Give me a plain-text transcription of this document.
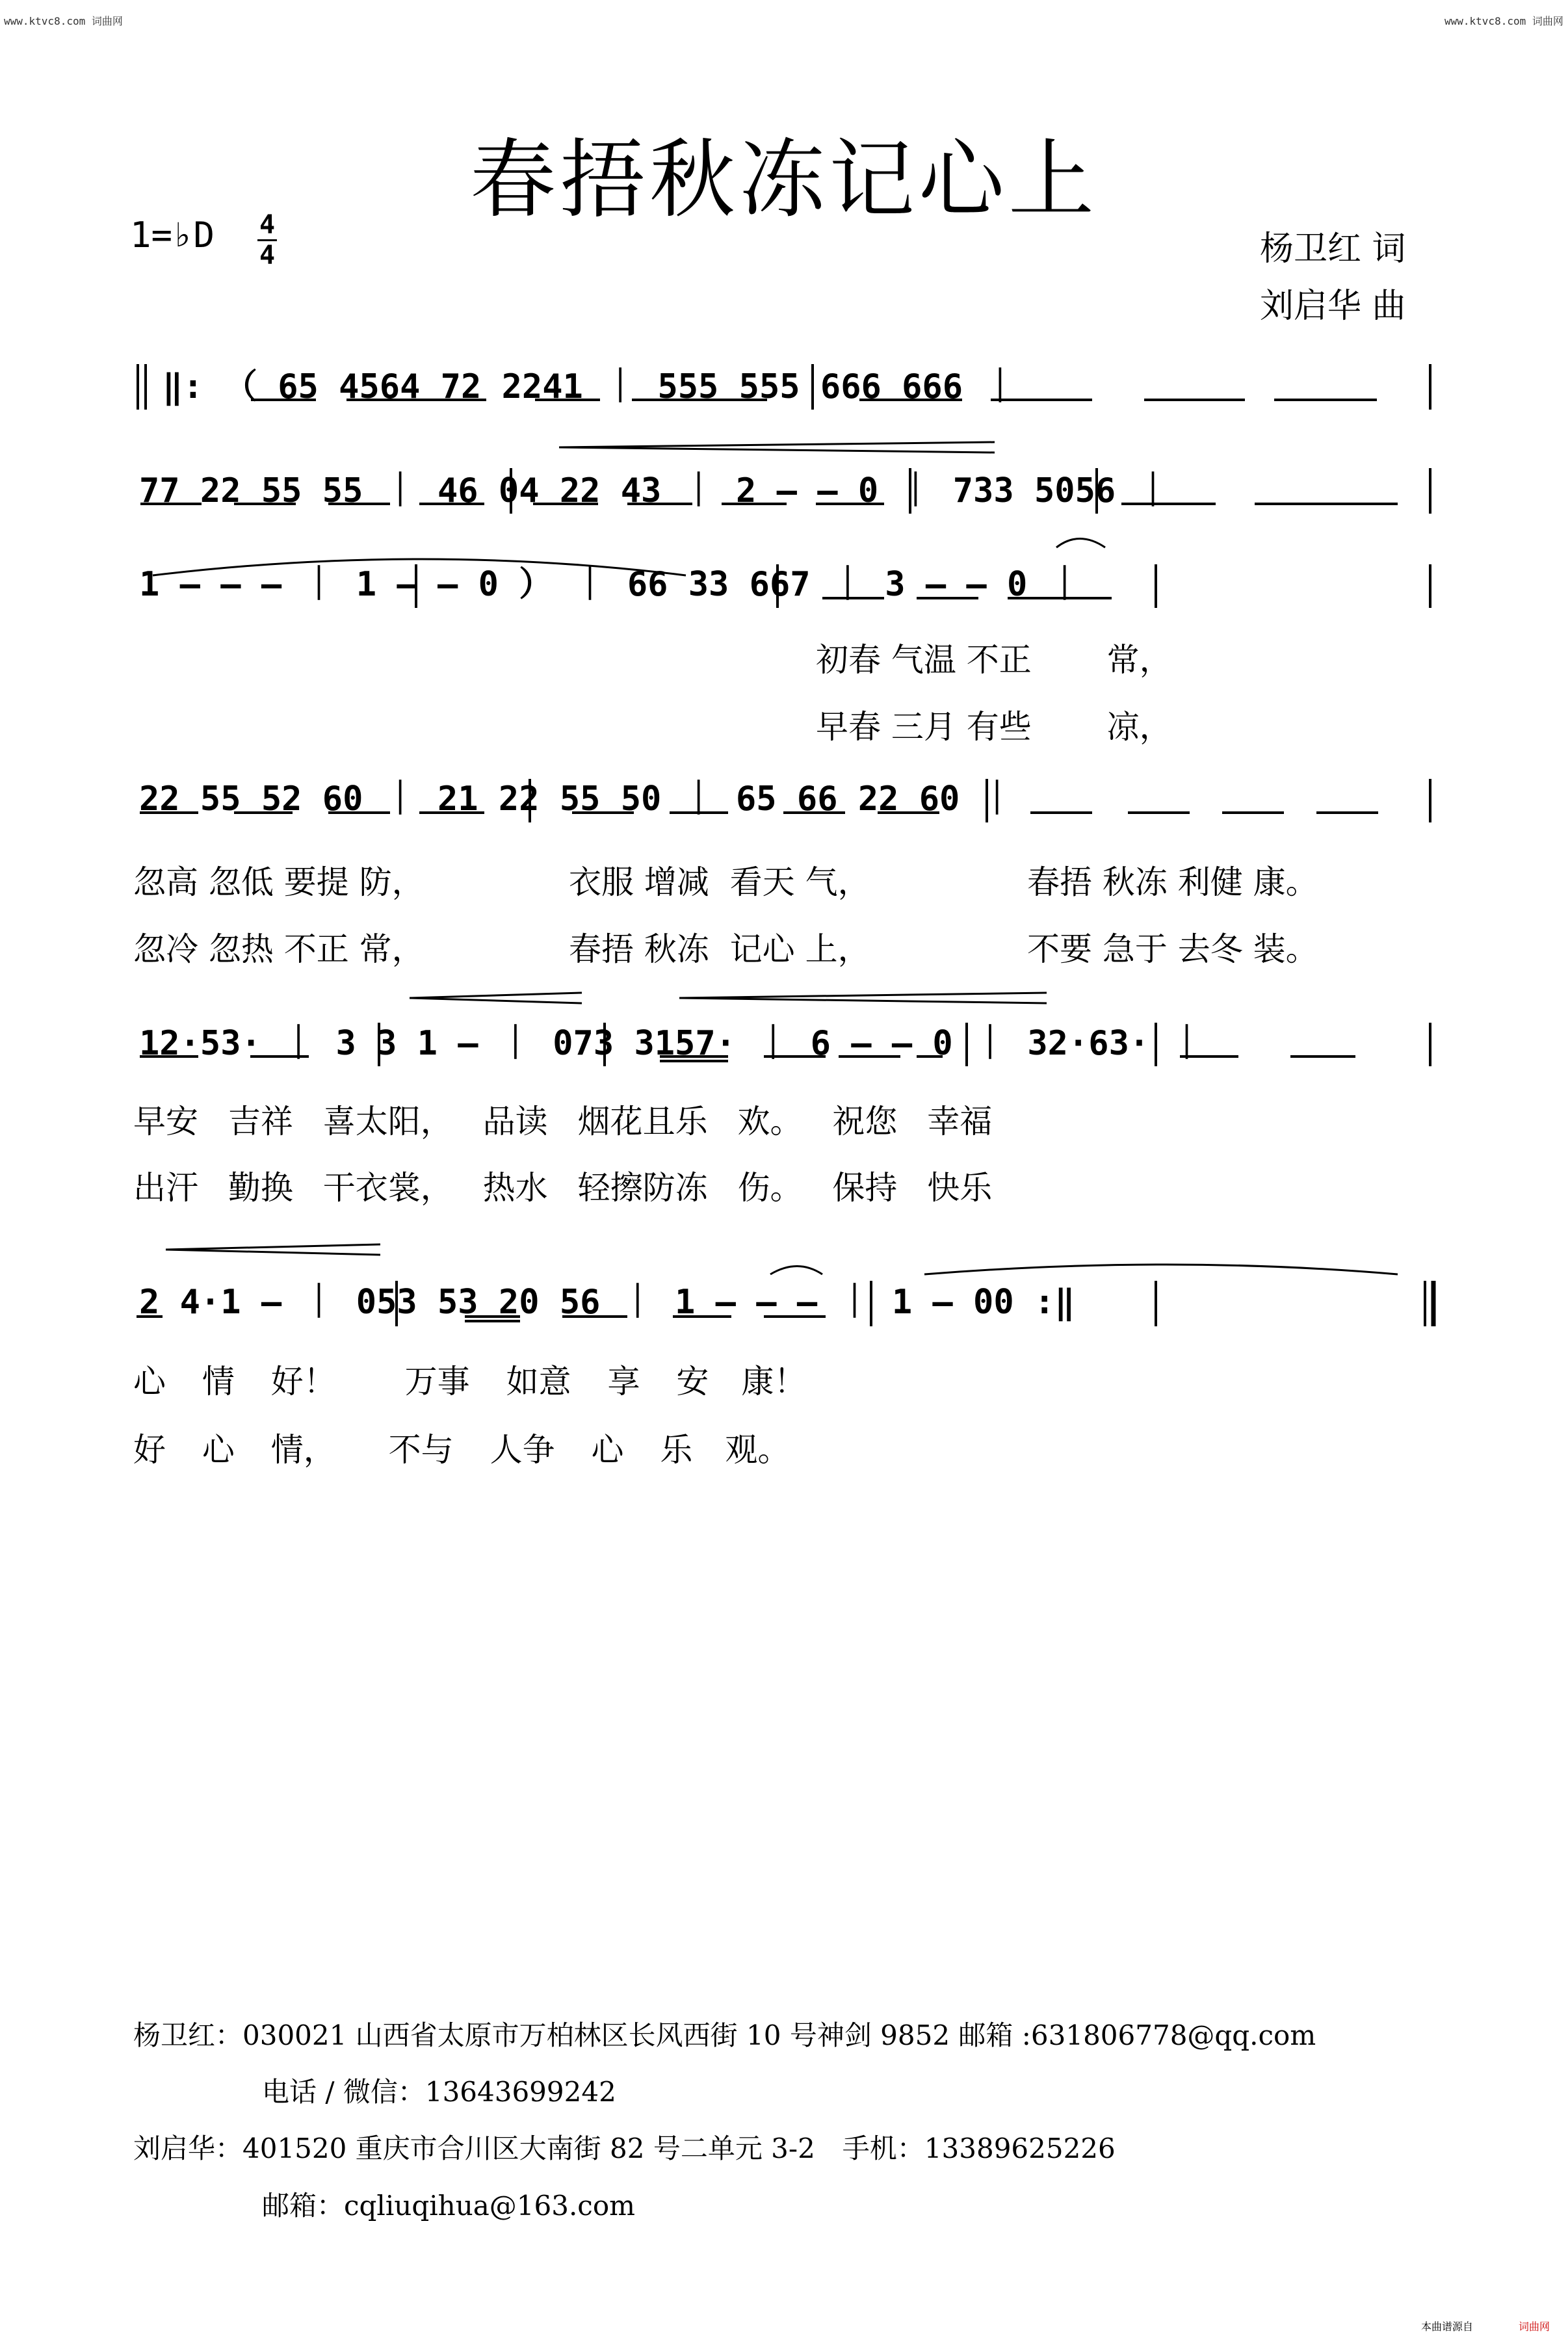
www.ktvc8.com 词曲网	www.ktvc8.com 词曲网
春捂秋冻记心上
1=♭D 4
4	杨卫红 词
刘启华 曲
‖: （ 65 4564 72 2241 ｜ 555 555 666 666 ｜
77 22 55 55 ｜ 46 04 22 43 ｜ 2 – – 0 ｜ 733 5056 ｜
1 – – – ｜ 1 – – 0 ） ｜ 66 33 667 ｜ 3 – – 0 ｜
22 55 52 60 ｜ 21 22 55 50 ｜ 65 66 22 60 ｜
12·53· ｜ 3 3 1 – ｜ 073 3157· ｜ 6 – – 0 ｜ 32·63· ｜
2 4·1 – ｜ 053 53 20 56 ｜ 1 – – – ｜ 1 – 00 :‖
初春 气温 不正　　 常，
早春 三月 有些　　 凉，
忽高 忽低 要提 防，	衣服 增减  看天 气，	春捂 秋冻 利健 康。
忽冷 忽热 不正 常，	春捂 秋冻  记心 上，	不要 急于 去冬 装。
早安 吉祥 喜太阳， 品读 烟花且乐 欢。 祝您 幸福
出汗 勤换 干衣裳， 热水 轻擦防冻 伤。 保持 快乐
心 情 好！　 万事 如意 享 安　康！
好 心 情，　 不与 人争 心 乐　观。
杨卫红：030021 山西省太原市万柏林区长风西街 10 号神剑 9852 邮箱 :631806778@qq.com
电话 / 微信：13643699242
刘启华：401520 重庆市合川区大南街 82 号二单元 3-2　手机：13389625226
邮箱：cqliuqihua@163.com
本曲谱源自	词曲网
